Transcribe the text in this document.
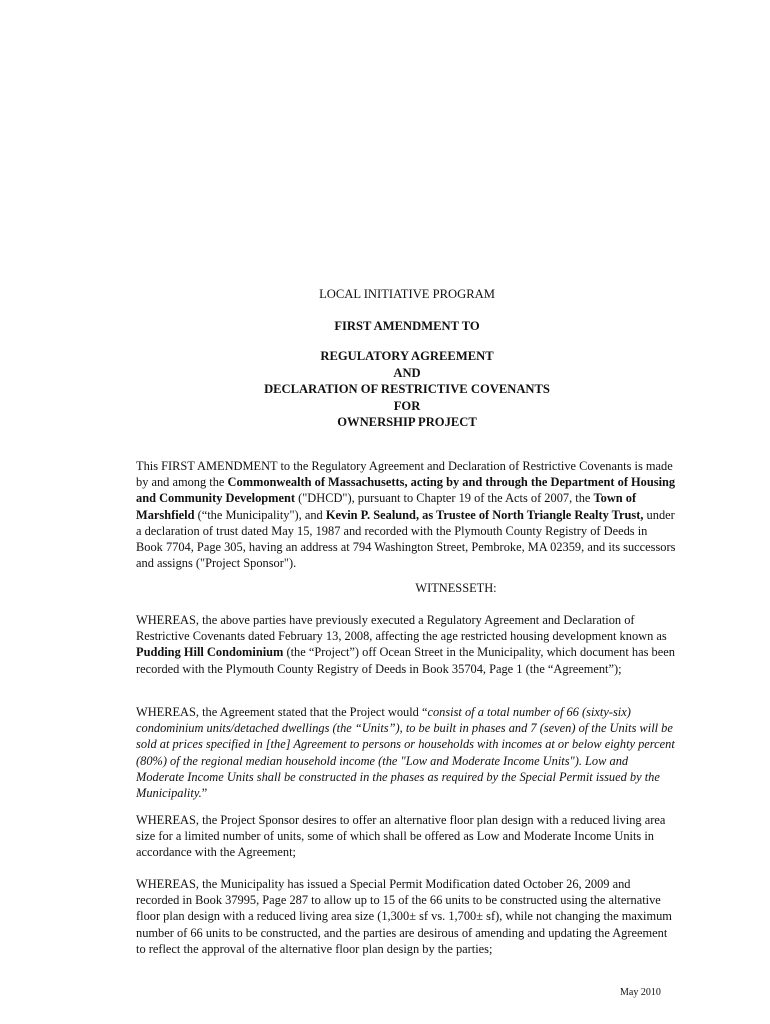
LOCAL INITIATIVE PROGRAM
FIRST AMENDMENT TO
REGULATORY AGREEMENT
AND
DECLARATION OF RESTRICTIVE COVENANTS
FOR
OWNERSHIP PROJECT

This FIRST AMENDMENT to the Regulatory Agreement and Declaration of Restrictive Covenants is made by and among the Commonwealth of Massachusetts, acting by and through the Department of Housing and Community Development ("DHCD"), pursuant to Chapter 19 of the Acts of 2007, the Town of Marshfield (“the Municipality"), and Kevin P. Sealund, as Trustee of North Triangle Realty Trust, under a declaration of trust dated May 15, 1987 and recorded with the Plymouth County Registry of Deeds in Book 7704, Page 305, having an address at 794 Washington Street, Pembroke, MA 02359, and its successors and assigns ("Project Sponsor").

WITNESSETH:

WHEREAS, the above parties have previously executed a Regulatory Agreement and Declaration of Restrictive Covenants dated February 13, 2008, affecting the age restricted housing development known as Pudding Hill Condominium (the “Project”) off Ocean Street in the Municipality, which document has been recorded with the Plymouth County Registry of Deeds in Book 35704, Page 1 (the “Agreement”);

WHEREAS, the Agreement stated that the Project would “consist of a total number of 66 (sixty-six) condominium units/detached dwellings (the “Units”), to be built in phases and 7 (seven) of the Units will be sold at prices specified in [the] Agreement to persons or households with incomes at or below eighty percent (80%) of the regional median household income (the "Low and Moderate Income Units"). Low and Moderate Income Units shall be constructed in the phases as required by the Special Permit issued by the Municipality.”

WHEREAS, the Project Sponsor desires to offer an alternative floor plan design with a reduced living area size for a limited number of units, some of which shall be offered as Low and Moderate Income Units in accordance with the Agreement;

WHEREAS, the Municipality has issued a Special Permit Modification dated October 26, 2009 and recorded in Book 37995, Page 287 to allow up to 15 of the 66 units to be constructed using the alternative floor plan design with a reduced living area size (1,300± sf vs. 1,700± sf), while not changing the maximum number of 66 units to be constructed, and the parties are desirous of amending and updating the Agreement to reflect the approval of the alternative floor plan design by the parties;

May 2010
